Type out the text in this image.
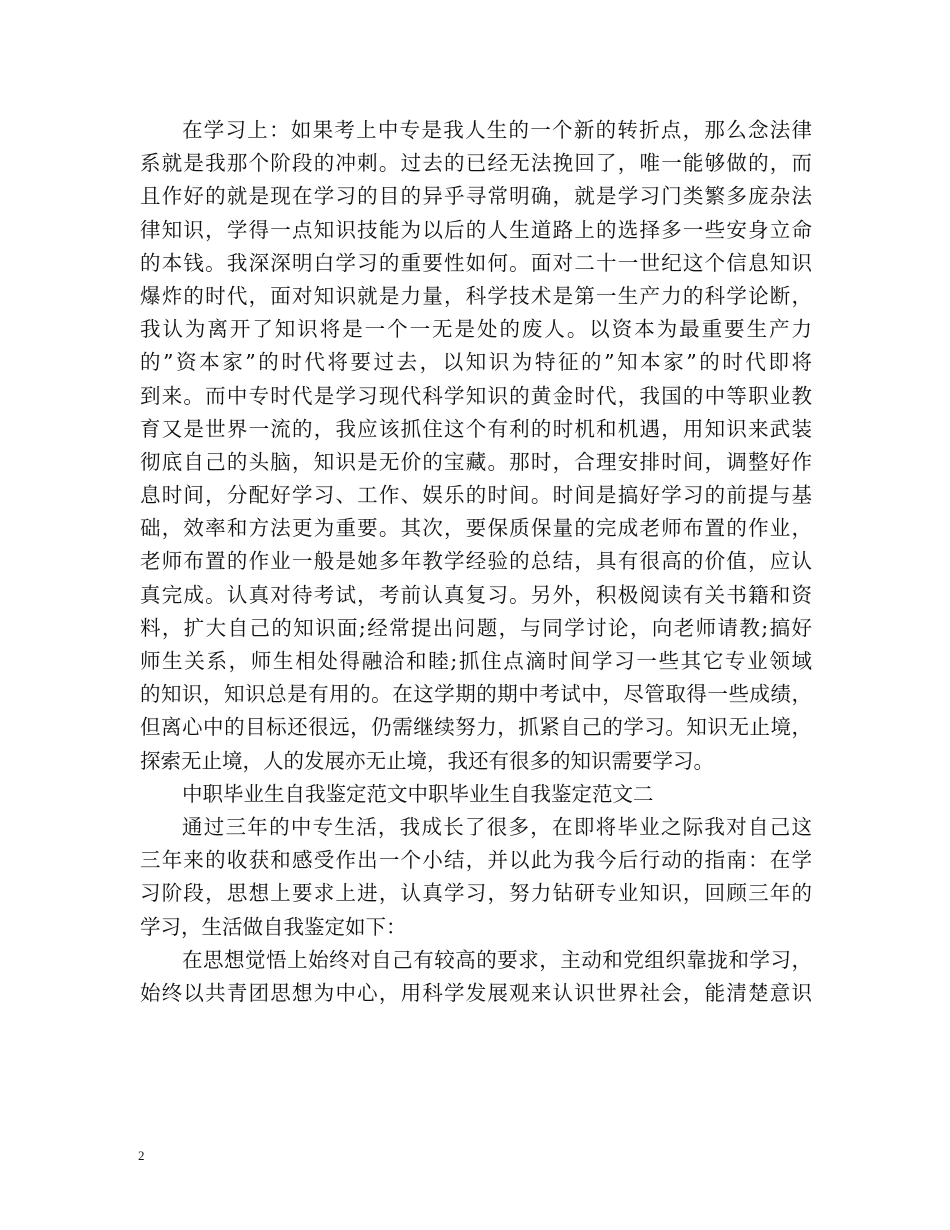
在学习上：如果考上中专是我人生的一个新的转折点，那么念法律
系就是我那个阶段的冲刺。过去的已经无法挽回了，唯一能够做的，而
且作好的就是现在学习的目的异乎寻常明确，就是学习门类繁多庞杂法
律知识，学得一点知识技能为以后的人生道路上的选择多一些安身立命
的本钱。我深深明白学习的重要性如何。面对二十一世纪这个信息知识
爆炸的时代，面对知识就是力量，科学技术是第一生产力的科学论断，
我认为离开了知识将是一个一无是处的废人。以资本为最重要生产力
的”资本家”的时代将要过去，以知识为特征的”知本家”的时代即将
到来。而中专时代是学习现代科学知识的黄金时代，我国的中等职业教
育又是世界一流的，我应该抓住这个有利的时机和机遇，用知识来武装
彻底自己的头脑，知识是无价的宝藏。那时，合理安排时间，调整好作
息时间，分配好学习、工作、娱乐的时间。时间是搞好学习的前提与基
础，效率和方法更为重要。其次，要保质保量的完成老师布置的作业，
老师布置的作业一般是她多年教学经验的总结，具有很高的价值，应认
真完成。认真对待考试，考前认真复习。另外，积极阅读有关书籍和资
料，扩大自己的知识面;经常提出问题，与同学讨论，向老师请教;搞好
师生关系，师生相处得融洽和睦;抓住点滴时间学习一些其它专业领域
的知识，知识总是有用的。在这学期的期中考试中，尽管取得一些成绩，
但离心中的目标还很远，仍需继续努力，抓紧自己的学习。知识无止境，
探索无止境，人的发展亦无止境，我还有很多的知识需要学习。
中职毕业生自我鉴定范文中职毕业生自我鉴定范文二
通过三年的中专生活，我成长了很多，在即将毕业之际我对自己这
三年来的收获和感受作出一个小结，并以此为我今后行动的指南：在学
习阶段，思想上要求上进，认真学习，努力钻研专业知识，回顾三年的
学习，生活做自我鉴定如下：
在思想觉悟上始终对自己有较高的要求，主动和党组织靠拢和学习，
始终以共青团思想为中心，用科学发展观来认识世界社会，能清楚意识
2
